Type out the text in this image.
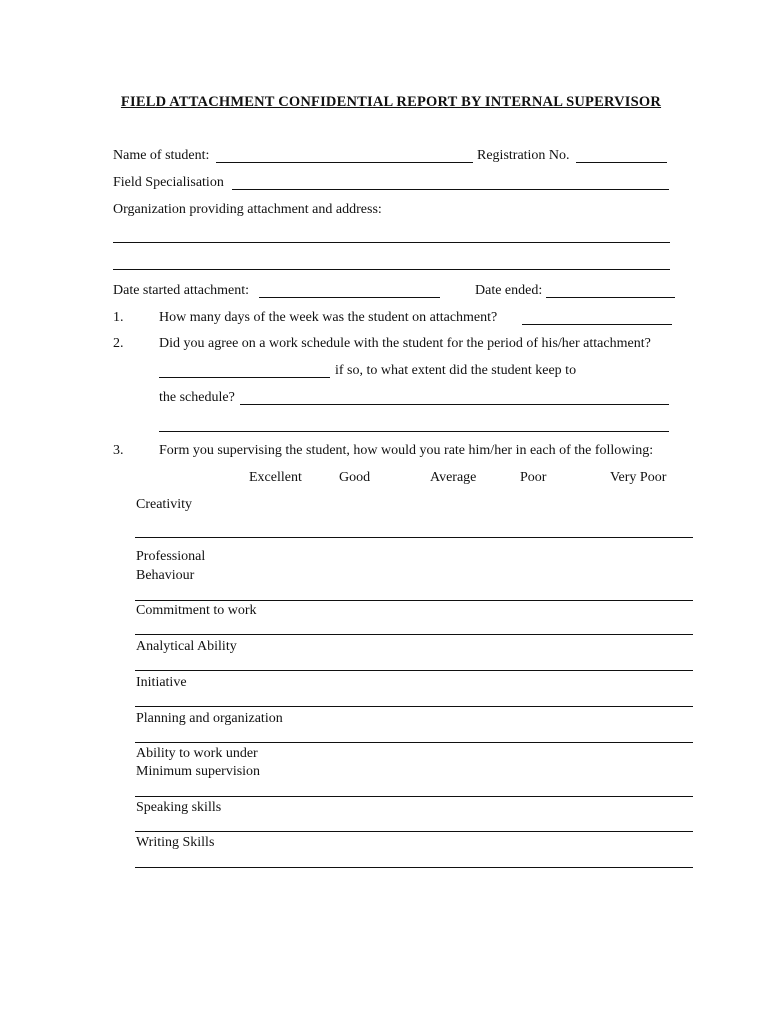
FIELD ATTACHMENT CONFIDENTIAL REPORT BY INTERNAL SUPERVISOR
Name of student:	Registration No.
Field Specialisation
Organization providing attachment and address:
Date started attachment:	Date ended:
1.	How many days of the week was the student on attachment?
2.	Did you agree on a work schedule with the student for the period of his/her attachment?
if so, to what extent did the student keep to
the schedule?
3.	Form you supervising the student, how would you rate him/her in each of the following:
Excellent	Good	Average	Poor	Very Poor
Creativity
Professional
Behaviour
Commitment to work
Analytical Ability
Initiative
Planning and organization
Ability to work under
Minimum supervision
Speaking skills
Writing Skills
